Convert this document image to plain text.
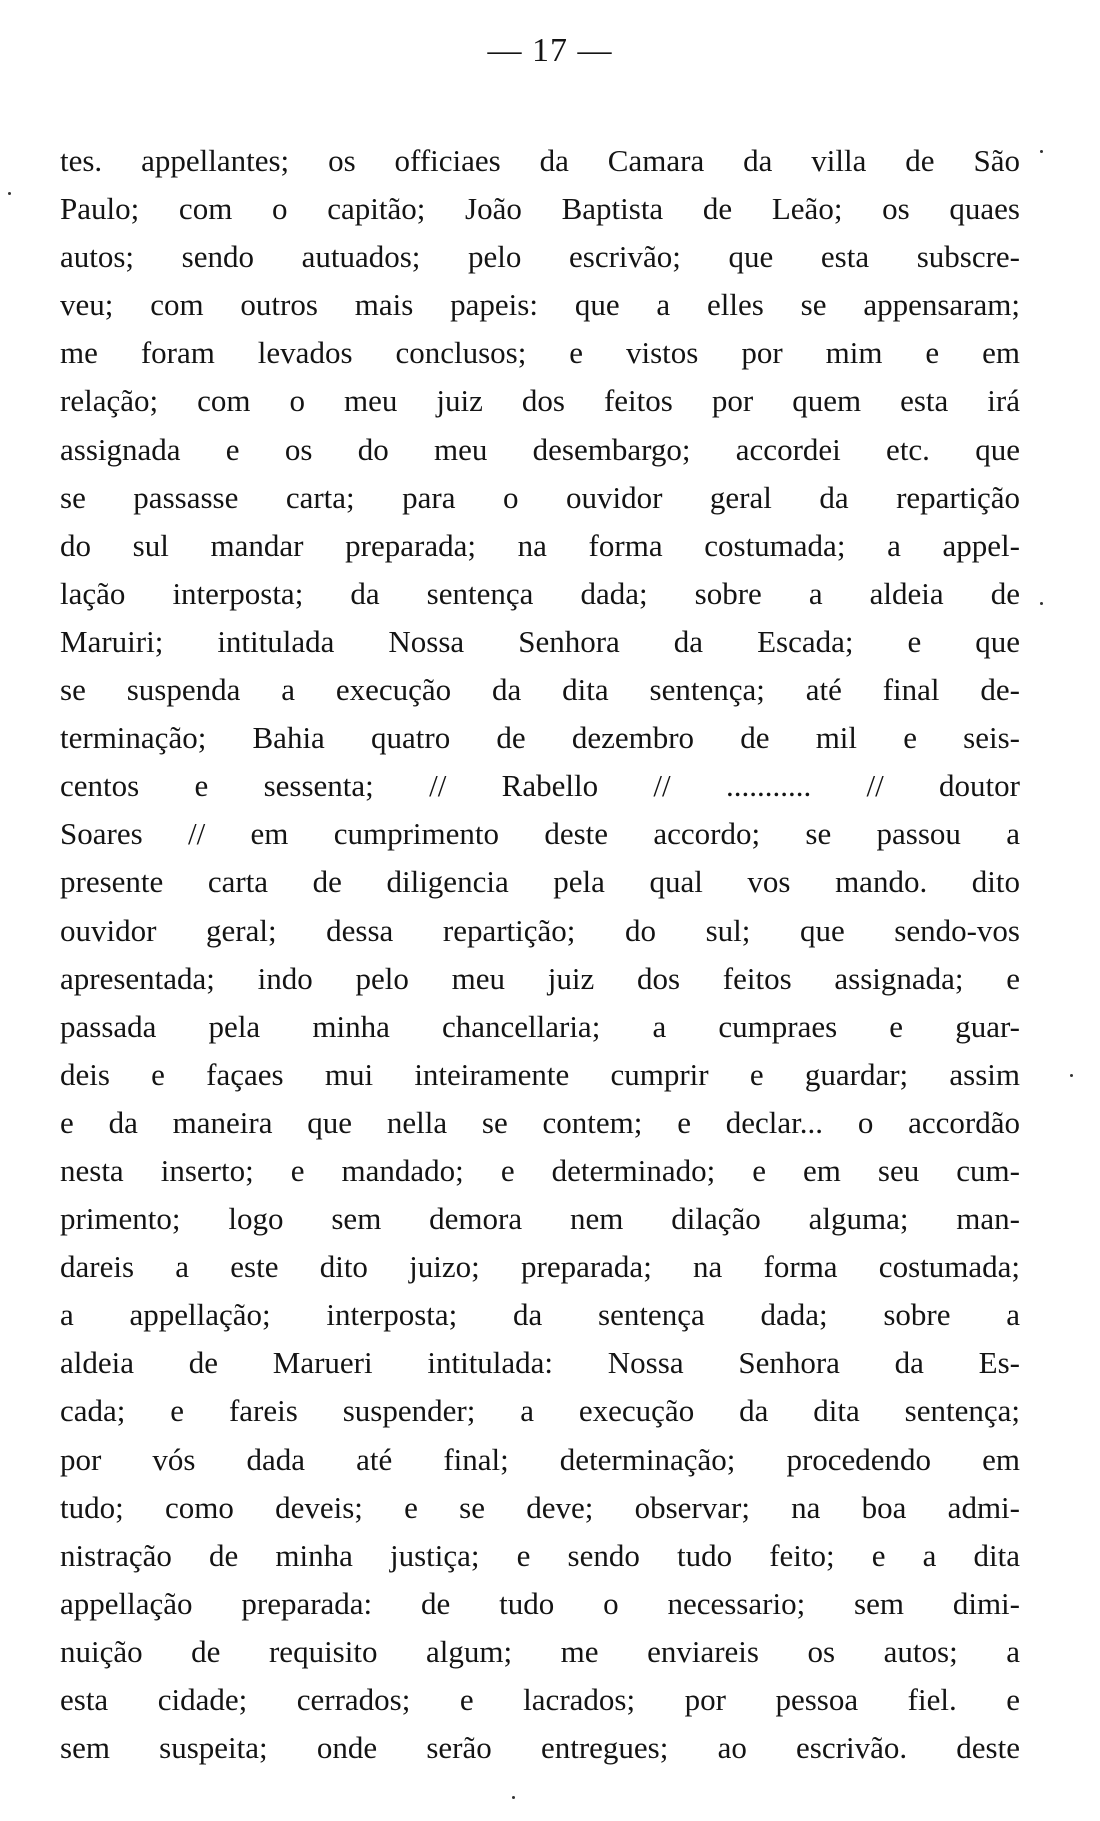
— 17 —
tes. appellantes; os officiaes da Camara da villa de São
Paulo; com o capitão; João Baptista de Leão; os quaes
autos; sendo autuados; pelo escrivão; que esta subscre-
veu; com outros mais papeis: que a elles se appensaram;
me foram levados conclusos; e vistos por mim e em
relação; com o meu juiz dos feitos por quem esta irá
assignada e os do meu desembargo; accordei etc. que
se passasse carta; para o ouvidor geral da repartição
do sul mandar preparada; na forma costumada; a appel-
lação interposta; da sentença dada; sobre a aldeia de
Maruiri; intitulada Nossa Senhora da Escada; e que
se suspenda a execução da dita sentença; até final de-
terminação; Bahia quatro de dezembro de mil e seis-
centos e sessenta; // Rabello // ........... // doutor
Soares // em cumprimento deste accordo; se passou a
presente carta de diligencia pela qual vos mando. dito
ouvidor geral; dessa repartição; do sul; que sendo-vos
apresentada; indo pelo meu juiz dos feitos assignada; e
passada pela minha chancellaria; a cumpraes e guar-
deis e façaes mui inteiramente cumprir e guardar; assim
e da maneira que nella se contem; e declar... o accordão
nesta inserto; e mandado; e determinado; e em seu cum-
primento; logo sem demora nem dilação alguma; man-
dareis a este dito juizo; preparada; na forma costumada;
a appellação; interposta; da sentença dada; sobre a
aldeia de Marueri intitulada: Nossa Senhora da Es-
cada; e fareis suspender; a execução da dita sentença;
por vós dada até final; determinação; procedendo em
tudo; como deveis; e se deve; observar; na boa admi-
nistração de minha justiça; e sendo tudo feito; e a dita
appellação preparada: de tudo o necessario; sem dimi-
nuição de requisito algum; me enviareis os autos; a
esta cidade; cerrados; e lacrados; por pessoa fiel. e
sem suspeita; onde serão entregues; ao escrivão. deste
